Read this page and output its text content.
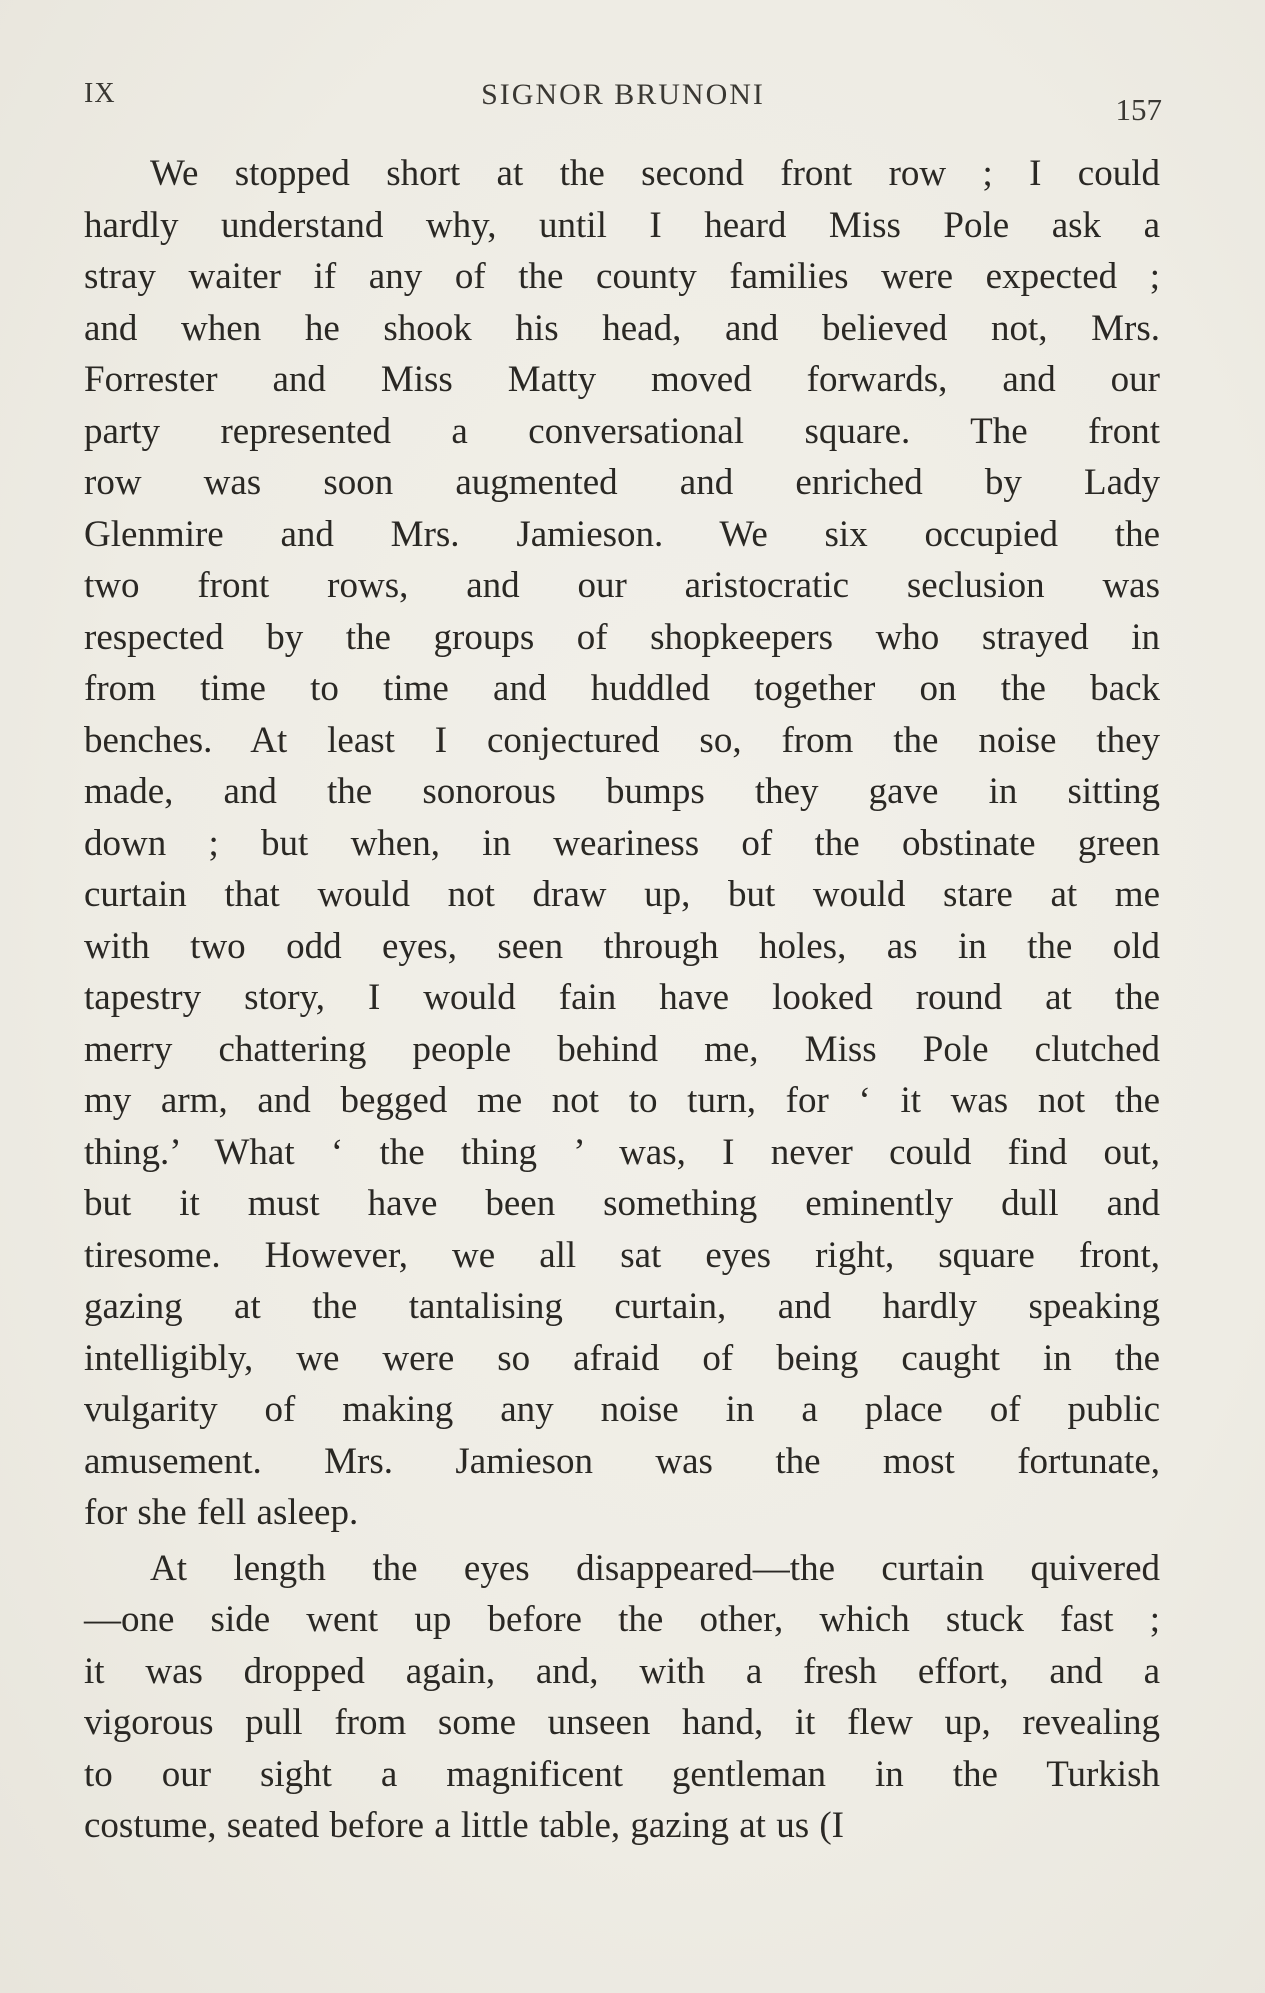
IX	SIGNOR BRUNONI	157
We stopped short at the second front row ; I could
hardly understand why, until I heard Miss Pole ask a
stray waiter if any of the county families were expected ;
and when he shook his head, and believed not, Mrs.
Forrester and Miss Matty moved forwards, and our
party represented a conversational square. The front
row was soon augmented and enriched by Lady
Glenmire and Mrs. Jamieson. We six occupied the
two front rows, and our aristocratic seclusion was
respected by the groups of shopkeepers who strayed in
from time to time and huddled together on the back
benches. At least I conjectured so, from the noise they
made, and the sonorous bumps they gave in sitting
down ; but when, in weariness of the obstinate green
curtain that would not draw up, but would stare at me
with two odd eyes, seen through holes, as in the old
tapestry story, I would fain have looked round at the
merry chattering people behind me, Miss Pole clutched
my arm, and begged me not to turn, for ‘ it was not the
thing.’ What ‘ the thing ’ was, I never could find out,
but it must have been something eminently dull and
tiresome. However, we all sat eyes right, square front,
gazing at the tantalising curtain, and hardly speaking
intelligibly, we were so afraid of being caught in the
vulgarity of making any noise in a place of public
amusement. Mrs. Jamieson was the most fortunate,
for she fell asleep.
At length the eyes disappeared—the curtain quivered
—one side went up before the other, which stuck fast ;
it was dropped again, and, with a fresh effort, and a
vigorous pull from some unseen hand, it flew up, revealing
to our sight a magnificent gentleman in the Turkish
costume, seated before a little table, gazing at us (I
